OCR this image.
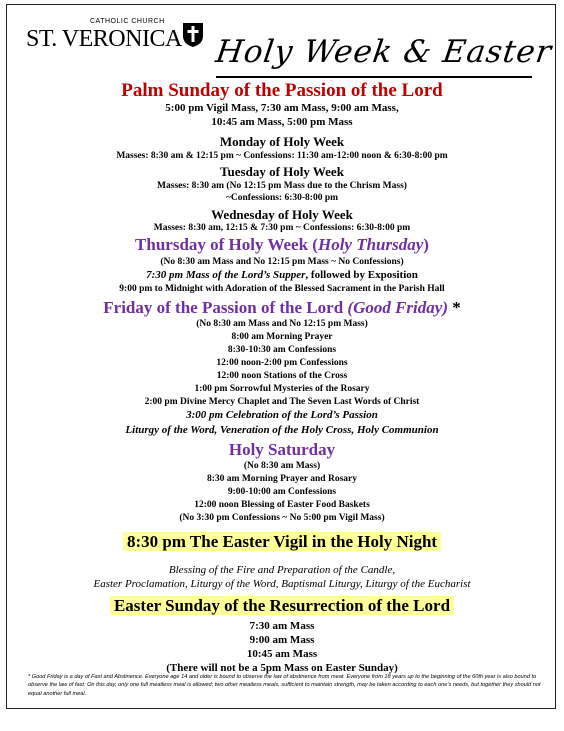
CATHOLIC CHURCH
ST. VERONICA Holy Week & Easter
Palm Sunday of the Passion of the Lord
5:00 pm Vigil Mass, 7:30 am Mass, 9:00 am Mass,
10:45 am Mass, 5:00 pm Mass
Monday of Holy Week
Masses: 8:30 am & 12:15 pm ~ Confessions: 11:30 am-12:00 noon & 6:30-8:00 pm
Tuesday of Holy Week
Masses: 8:30 am (No 12:15 pm Mass due to the Chrism Mass)
~Confessions: 6:30-8:00 pm
Wednesday of Holy Week
Masses: 8:30 am, 12:15 & 7:30 pm ~ Confessions: 6:30-8:00 pm
Thursday of Holy Week (Holy Thursday)
(No 8:30 am Mass and No 12:15 pm Mass ~ No Confessions)
7:30 pm Mass of the Lord’s Supper, followed by Exposition
9:00 pm to Midnight with Adoration of the Blessed Sacrament in the Parish Hall
Friday of the Passion of the Lord (Good Friday) *
(No 8:30 am Mass and No 12:15 pm Mass)
8:00 am Morning Prayer
8:30-10:30 am Confessions
12:00 noon-2:00 pm Confessions
12:00 noon Stations of the Cross
1:00 pm Sorrowful Mysteries of the Rosary
2:00 pm Divine Mercy Chaplet and The Seven Last Words of Christ
3:00 pm Celebration of the Lord’s Passion
Liturgy of the Word, Veneration of the Holy Cross, Holy Communion
Holy Saturday
(No 8:30 am Mass)
8:30 am Morning Prayer and Rosary
9:00-10:00 am Confessions
12:00 noon Blessing of Easter Food Baskets
(No 3:30 pm Confessions ~ No 5:00 pm Vigil Mass)
8:30 pm The Easter Vigil in the Holy Night
Blessing of the Fire and Preparation of the Candle,
Easter Proclamation, Liturgy of the Word, Baptismal Liturgy, Liturgy of the Eucharist
Easter Sunday of the Resurrection of the Lord
7:30 am Mass
9:00 am Mass
10:45 am Mass
(There will not be a 5pm Mass on Easter Sunday)
* Good Friday is a day of Fast and Abstinence. Everyone age 14 and older is bound to observe the law of abstinence from meat. Everyone from 18 years up to the beginning of the 60th year is also bound to observe the law of fast: On this day, only one full meatless meal is allowed; two other meatless meals, sufficient to maintain strength, may be taken according to each one’s needs, but together they should not equal another full meal.
